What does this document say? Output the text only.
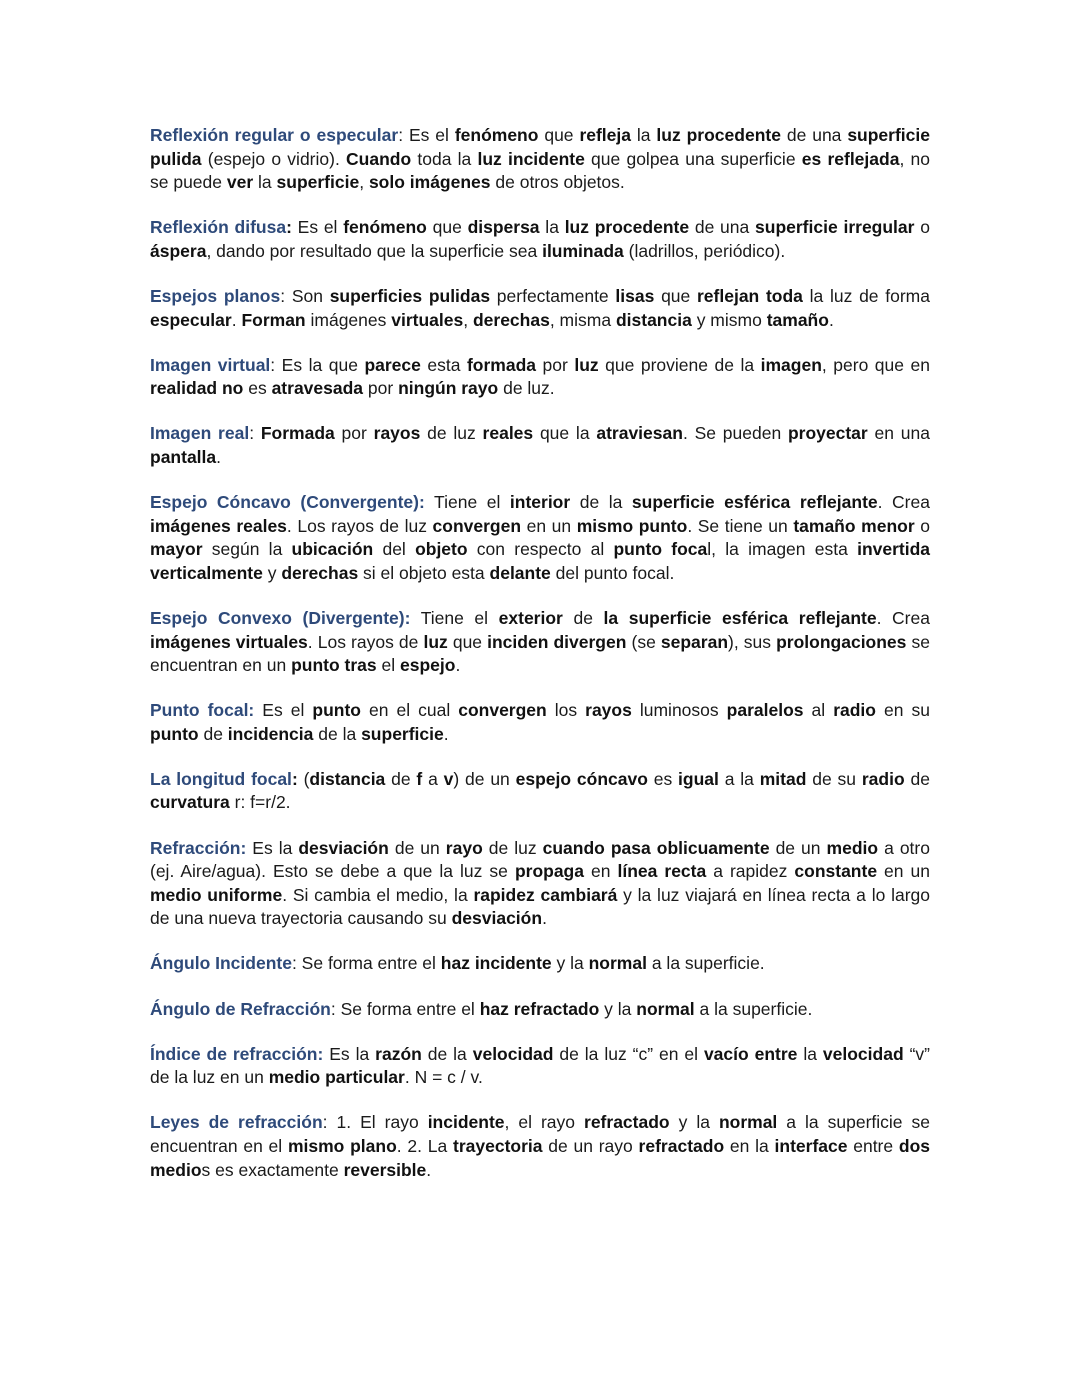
Reflexión regular o especular: Es el fenómeno que refleja la luz procedente de una superficie pulida (espejo o vidrio). Cuando toda la luz incidente que golpea una superficie es reflejada, no se puede ver la superficie, solo imágenes de otros objetos.

Reflexión difusa: Es el fenómeno que dispersa la luz procedente de una superficie irregular o áspera, dando por resultado que la superficie sea iluminada (ladrillos, periódico).

Espejos planos: Son superficies pulidas perfectamente lisas que reflejan toda la luz de forma especular. Forman imágenes virtuales, derechas, misma distancia y mismo tamaño.

Imagen virtual: Es la que parece esta formada por luz que proviene de la imagen, pero que en realidad no es atravesada por ningún rayo de luz.

Imagen real: Formada por rayos de luz reales que la atraviesan. Se pueden proyectar en una pantalla.

Espejo Cóncavo (Convergente): Tiene el interior de la superficie esférica reflejante. Crea imágenes reales. Los rayos de luz convergen en un mismo punto. Se tiene un tamaño menor o mayor según la ubicación del objeto con respecto al punto focal, la imagen esta invertida verticalmente y derechas si el objeto esta delante del punto focal.

Espejo Convexo (Divergente): Tiene el exterior de la superficie esférica reflejante. Crea imágenes virtuales. Los rayos de luz que inciden divergen (se separan), sus prolongaciones se encuentran en un punto tras el espejo.

Punto focal: Es el punto en el cual convergen los rayos luminosos paralelos al radio en su punto de incidencia de la superficie.

La longitud focal: (distancia de f a v) de un espejo cóncavo es igual a la mitad de su radio de curvatura r: f=r/2.

Refracción: Es la desviación de un rayo de luz cuando pasa oblicuamente de un medio a otro (ej. Aire/agua). Esto se debe a que la luz se propaga en línea recta a rapidez constante en un medio uniforme. Si cambia el medio, la rapidez cambiará y la luz viajará en línea recta a lo largo de una nueva trayectoria causando su desviación.

Ángulo Incidente: Se forma entre el haz incidente y la normal a la superficie.

Ángulo de Refracción: Se forma entre el haz refractado y la normal a la superficie.

Índice de refracción: Es la razón de la velocidad de la luz “c” en el vacío entre la velocidad “v” de la luz en un medio particular. N = c / v.

Leyes de refracción: 1. El rayo incidente, el rayo refractado y la normal a la superficie se encuentran en el mismo plano. 2. La trayectoria de un rayo refractado en la interface entre dos medios es exactamente reversible.
